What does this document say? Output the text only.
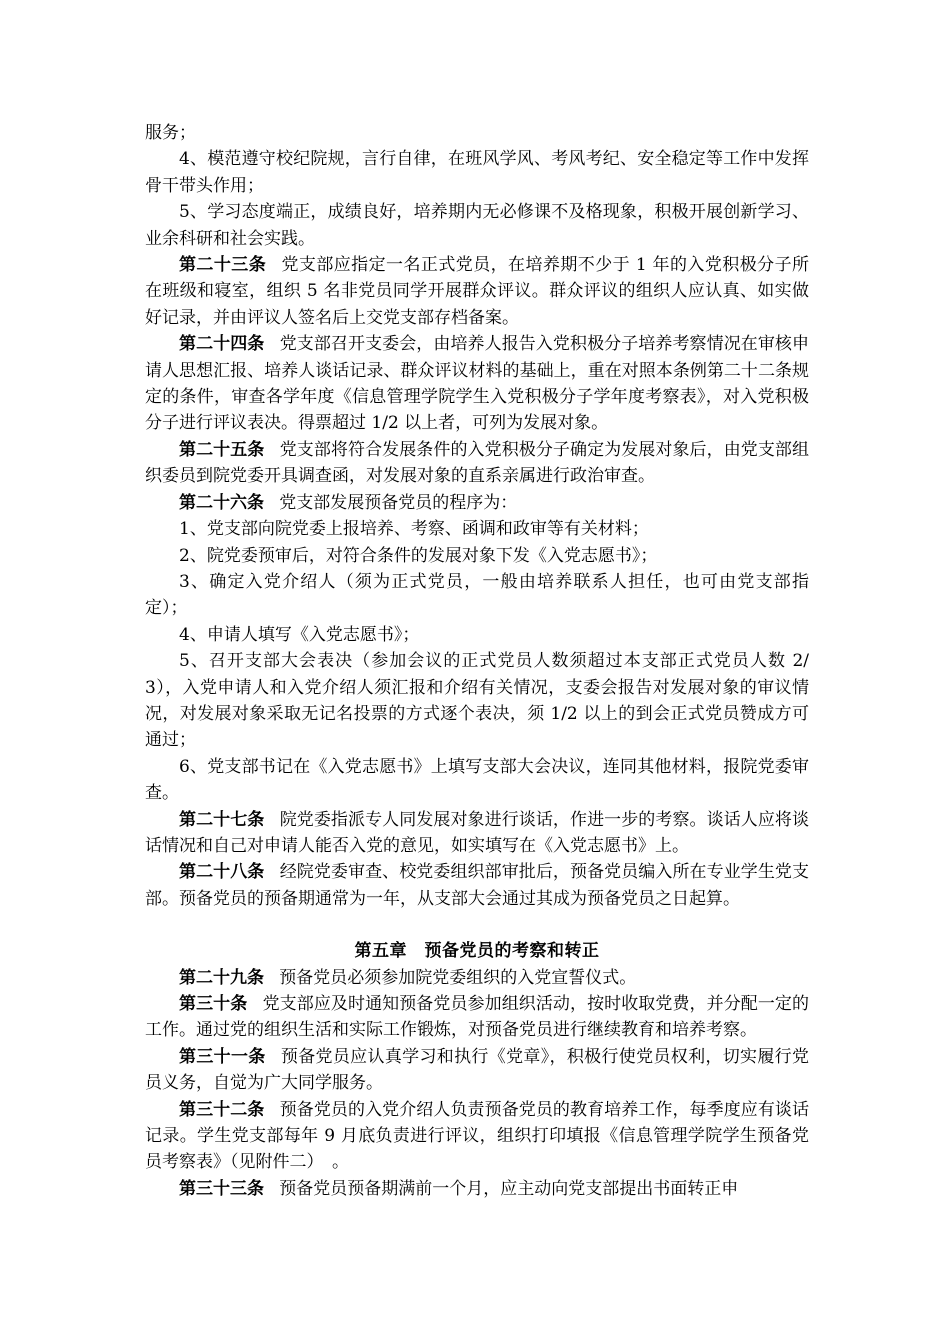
服务；

4、模范遵守校纪院规，言行自律，在班风学风、考风考纪、安全稳定等工作中发挥骨干带头作用；

5、学习态度端正，成绩良好，培养期内无必修课不及格现象，积极开展创新学习、业余科研和社会实践。

第二十三条 党支部应指定一名正式党员，在培养期不少于 1 年的入党积极分子所在班级和寝室，组织 5 名非党员同学开展群众评议。群众评议的组织人应认真、如实做好记录，并由评议人签名后上交党支部存档备案。

第二十四条 党支部召开支委会，由培养人报告入党积极分子培养考察情况在审核申请人思想汇报、培养人谈话记录、群众评议材料的基础上，重在对照本条例第二十二条规定的条件，审查各学年度《信息管理学院学生入党积极分子学年度考察表》，对入党积极分子进行评议表决。得票超过 1/2 以上者，可列为发展对象。

第二十五条 党支部将符合发展条件的入党积极分子确定为发展对象后，由党支部组织委员到院党委开具调查函，对发展对象的直系亲属进行政治审查。

第二十六条 党支部发展预备党员的程序为：

1、党支部向院党委上报培养、考察、函调和政审等有关材料；

2、院党委预审后，对符合条件的发展对象下发《入党志愿书》；

3、确定入党介绍人（须为正式党员，一般由培养联系人担任，也可由党支部指定）；

4、申请人填写《入党志愿书》；

5、召开支部大会表决（参加会议的正式党员人数须超过本支部正式党员人数 2/3），入党申请人和入党介绍人须汇报和介绍有关情况，支委会报告对发展对象的审议情况，对发展对象采取无记名投票的方式逐个表决，须 1/2 以上的到会正式党员赞成方可通过；

6、党支部书记在《入党志愿书》上填写支部大会决议，连同其他材料，报院党委审查。

第二十七条 院党委指派专人同发展对象进行谈话，作进一步的考察。谈话人应将谈话情况和自己对申请人能否入党的意见，如实填写在《入党志愿书》上。

第二十八条 经院党委审查、校党委组织部审批后，预备党员编入所在专业学生党支部。预备党员的预备期通常为一年，从支部大会通过其成为预备党员之日起算。

第五章　预备党员的考察和转正

第二十九条 预备党员必须参加院党委组织的入党宣誓仪式。

第三十条 党支部应及时通知预备党员参加组织活动，按时收取党费，并分配一定的工作。通过党的组织生活和实际工作锻炼，对预备党员进行继续教育和培养考察。

第三十一条 预备党员应认真学习和执行《党章》，积极行使党员权利，切实履行党员义务，自觉为广大同学服务。

第三十二条 预备党员的入党介绍人负责预备党员的教育培养工作，每季度应有谈话记录。学生党支部每年 9 月底负责进行评议，组织打印填报《信息管理学院学生预备党员考察表》（见附件二）　。

第三十三条 预备党员预备期满前一个月，应主动向党支部提出书面转正申
